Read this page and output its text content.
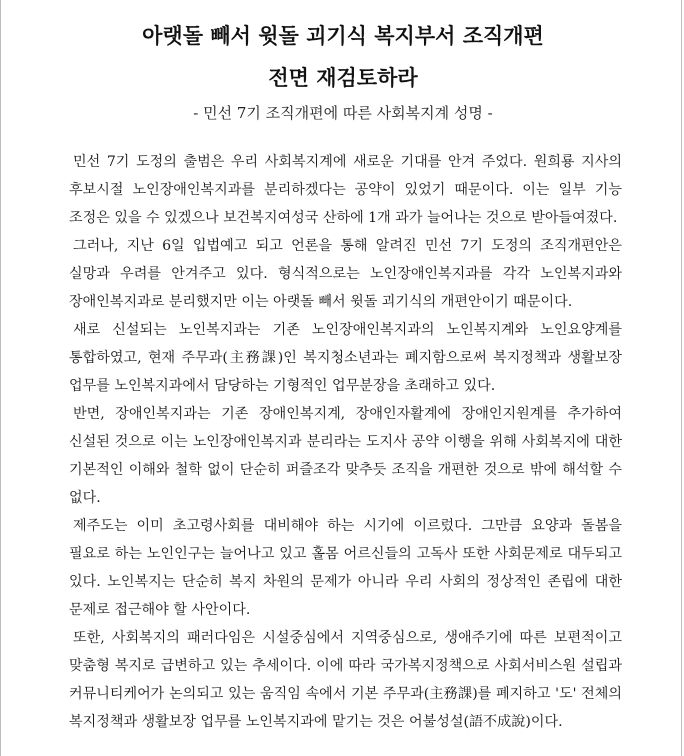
아랫돌 빼서 윗돌 괴기식 복지부서 조직개편
전면 재검토하라
- 민선 7기 조직개편에 따른 사회복지계 성명 -

민선 7기 도정의 출범은 우리 사회복지계에 새로운 기대를 안겨 주었다. 원희룡 지사의 후보시절 노인장애인복지과를 분리하겠다는 공약이 있었기 때문이다. 이는 일부 기능 조정은 있을 수 있겠으나 보건복지여성국 산하에 1개 과가 늘어나는 것으로 받아들여졌다.

그러나, 지난 6일 입법예고 되고 언론을 통해 알려진 민선 7기 도정의 조직개편안은 실망과 우려를 안겨주고 있다. 형식적으로는 노인장애인복지과를 각각 노인복지과와 장애인복지과로 분리했지만 이는 아랫돌 빼서 윗돌 괴기식의 개편안이기 때문이다.

새로 신설되는 노인복지과는 기존 노인장애인복지과의 노인복지계와 노인요양계를 통합하였고, 현재 주무과(主務課)인 복지청소년과는 폐지함으로써 복지정책과 생활보장 업무를 노인복지과에서 담당하는 기형적인 업무분장을 초래하고 있다.

반면, 장애인복지과는 기존 장애인복지계, 장애인자활계에 장애인지원계를 추가하여 신설된 것으로 이는 노인장애인복지과 분리라는 도지사 공약 이행을 위해 사회복지에 대한 기본적인 이해와 철학 없이 단순히 퍼즐조각 맞추듯 조직을 개편한 것으로 밖에 해석할 수 없다.

제주도는 이미 초고령사회를 대비해야 하는 시기에 이르렀다. 그만큼 요양과 돌봄을 필요로 하는 노인인구는 늘어나고 있고 홀몸 어르신들의 고독사 또한 사회문제로 대두되고 있다. 노인복지는 단순히 복지 차원의 문제가 아니라 우리 사회의 정상적인 존립에 대한 문제로 접근해야 할 사안이다.

또한, 사회복지의 패러다임은 시설중심에서 지역중심으로, 생애주기에 따른 보편적이고 맞춤형 복지로 급변하고 있는 추세이다. 이에 따라 국가복지정책으로 사회서비스원 설립과 커뮤니티케어가 논의되고 있는 움직임 속에서 기본 주무과(主務課)를 폐지하고 '도' 전체의 복지정책과 생활보장 업무를 노인복지과에 맡기는 것은 어불성설(語不成說)이다.
